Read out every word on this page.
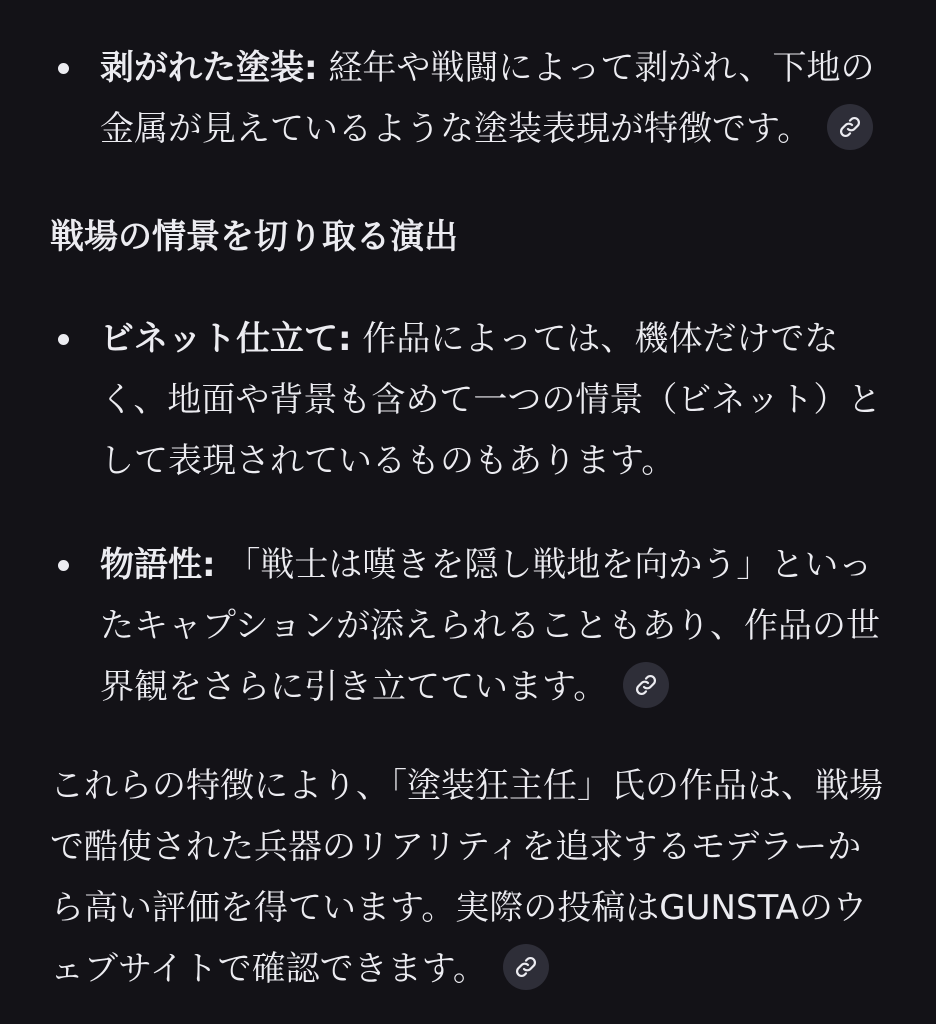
剥がれた塗装: 経年や戦闘によって剥がれ、下地の金属が見えているような塗装表現が特徴です。
戦場の情景を切り取る演出
ビネット仕立て: 作品によっては、機体だけでなく、地面や背景も含めて一つの情景（ビネット）として表現されているものもあります。
物語性: 「戦士は嘆きを隠し戦地を向かう」といったキャプションが添えられることもあり、作品の世界観をさらに引き立てています。
これらの特徴により、「塗装狂主任」氏の作品は、戦場で酷使された兵器のリアリティを追求するモデラーから高い評価を得ています。実際の投稿はGUNSTAのウェブサイトで確認できます。
